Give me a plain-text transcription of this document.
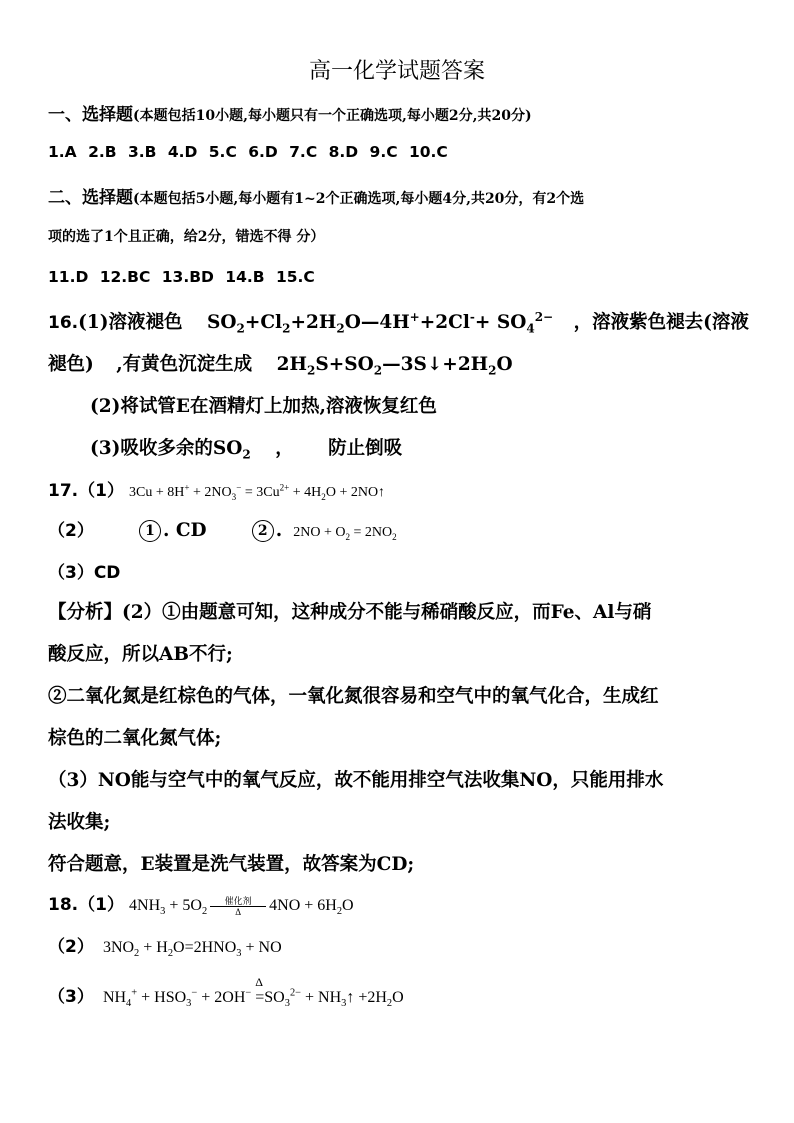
高一化学试题答案
一、选择题(本题包括10小题,每小题只有一个正确选项,每小题2分,共20分)
1.A 2.B 3.B 4.D 5.C 6.D 7.C 8.D 9.C 10.C
二、选择题(本题包括5小题,每小题有1~2个正确选项,每小题4分,共20分，有2个选
项的选了1个且正确，给2分，错选不得 分）
11.D 12.BC 13.BD 14.B 15.C
16.(1)溶液褪色 $SO_2+Cl_2+2H_2O—4H^++2Cl^-+ SO_4^{2-}$ ，溶液紫色褪去(溶液
褪色) ,有黄色沉淀生成 $2H_2S+SO_2—3S↓+2H_2O$
(2)将试管E在酒精灯上加热,溶液恢复红色
(3)吸收多余的$SO_2$ ， 防止倒吸
17.（1） $3Cu + 8H^+ + 2NO_3^- = 3Cu^{2+} + 4H_2O$ + 2NO↑
（2）	1 . CD	2 . $2NO + O_2 = 2NO_2$
（3）CD
【分析】(2）①由题意可知，这种成分不能与稀硝酸反应，而Fe、Al与硝
酸反应，所以AB不行;
②二氧化氮是红棕色的气体，一氧化氮很容易和空气中的氧气化合，生成红
棕色的二氧化氮气体;
（3）NO能与空气中的氧气反应，故不能用排空气法收集NO，只能用排水
法收集;
符合题意，E装置是洗气装置，故答案为CD;
18.（1） $4NH_3 + 5O_2 \frac{\text{催化剂}}{\Delta} 4NO + 6H_2O$
（2） $3NO_2 + H_2O=2HNO_3$ + NO
（3） $NH_4^+ + HSO_3^- + 2OH^-$
Δ
$=SO_3^{2-}$ + $NH_3↑ +2H_2O$
